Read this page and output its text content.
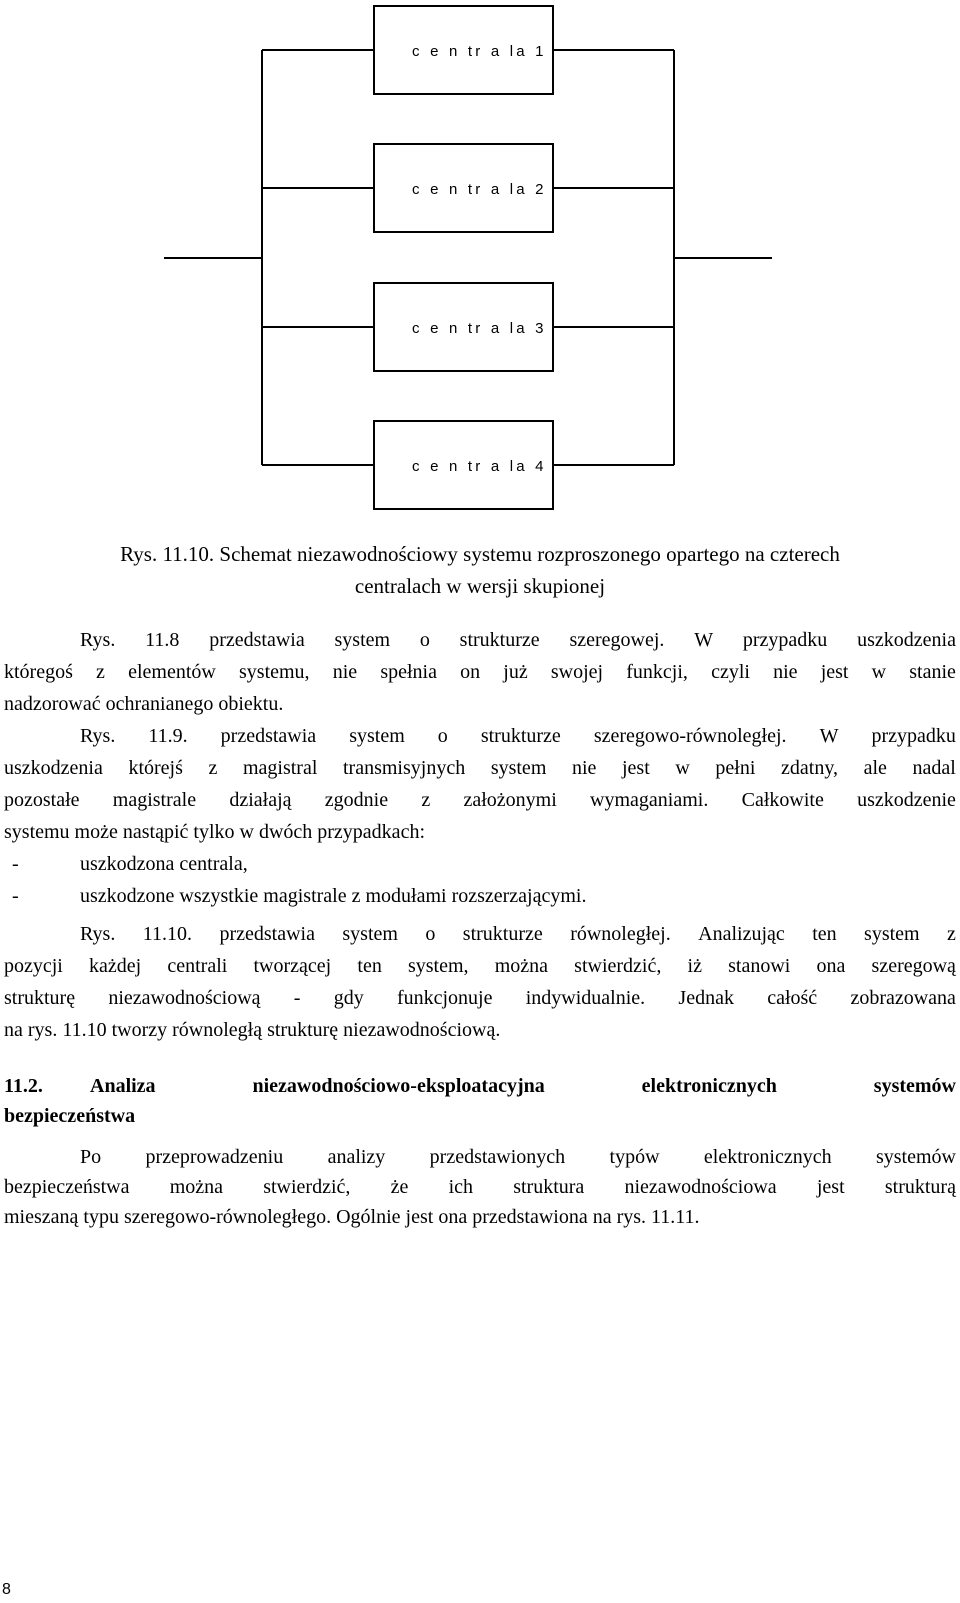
c e n tr a la 1
c e n tr a la 2
c e n tr a la 3
c e n tr a la 4
Rys. 11.10. Schemat niezawodnościowy systemu rozproszonego opartego na czterech
centralach w wersji skupionej
Rys. 11.8 przedstawia system o strukturze szeregowej. W przypadku uszkodzenia
któregoś z elementów systemu, nie spełnia on już swojej funkcji, czyli nie jest w stanie
nadzorować ochranianego obiektu.
Rys. 11.9. przedstawia system o strukturze szeregowo-równoległej. W przypadku
uszkodzenia którejś z magistral transmisyjnych system nie jest w pełni zdatny, ale nadal
pozostałe magistrale działają zgodnie z założonymi wymaganiami. Całkowite uszkodzenie
systemu może nastąpić tylko w dwóch przypadkach:
-	uszkodzona centrala,
-	uszkodzone wszystkie magistrale z modułami rozszerzającymi.
Rys. 11.10. przedstawia system o strukturze równoległej. Analizując ten system z
pozycji każdej centrali tworzącej ten system, można stwierdzić, iż stanowi ona szeregową
strukturę niezawodnościową - gdy funkcjonuje indywidualnie. Jednak całość zobrazowana
na rys. 11.10 tworzy równoległą strukturę niezawodnościową.
11.2. Analiza	niezawodnościowo-eksploatacyjna	elektronicznych	systemów
bezpieczeństwa
Po przeprowadzeniu analizy przedstawionych typów elektronicznych systemów
bezpieczeństwa można stwierdzić, że ich struktura niezawodnościowa jest strukturą
mieszaną typu szeregowo-równoległego. Ogólnie jest ona przedstawiona na rys. 11.11.
8
